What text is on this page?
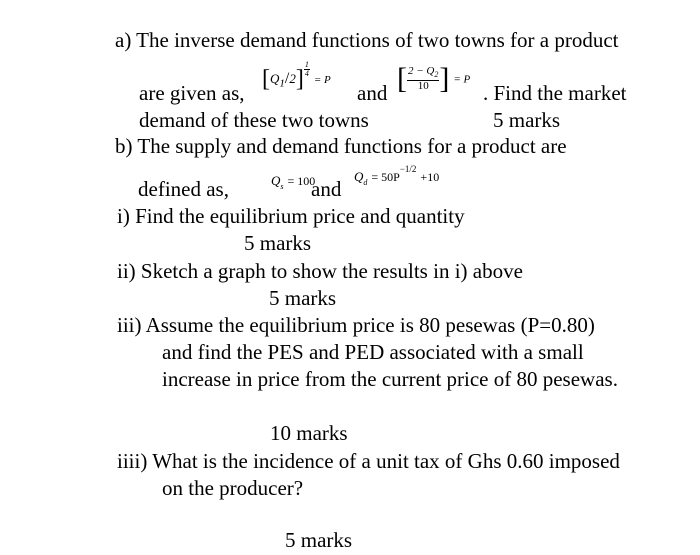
a) The inverse demand functions of two towns for a product
are given as,
$[Q_1/2] \frac{1}{4}$
= P
and [ $\frac{2 - Q_2}{10}$ ] = P
. Find the market
demand of these two towns	5 marks
b) The supply and demand functions for a product are
defined as,	$Q_s = 100$
and
$Q_d = 50P^{-1/2} +10$
i) Find the equilibrium price and quantity
5 marks
ii) Sketch a graph to show the results in i) above
5 marks
iii) Assume the equilibrium price is 80 pesewas (P=0.80)
and find the PES and PED associated with a small
increase in price from the current price of 80 pesewas.
10 marks
iiii) What is the incidence of a unit tax of Ghs 0.60 imposed
on the producer?
5 marks
